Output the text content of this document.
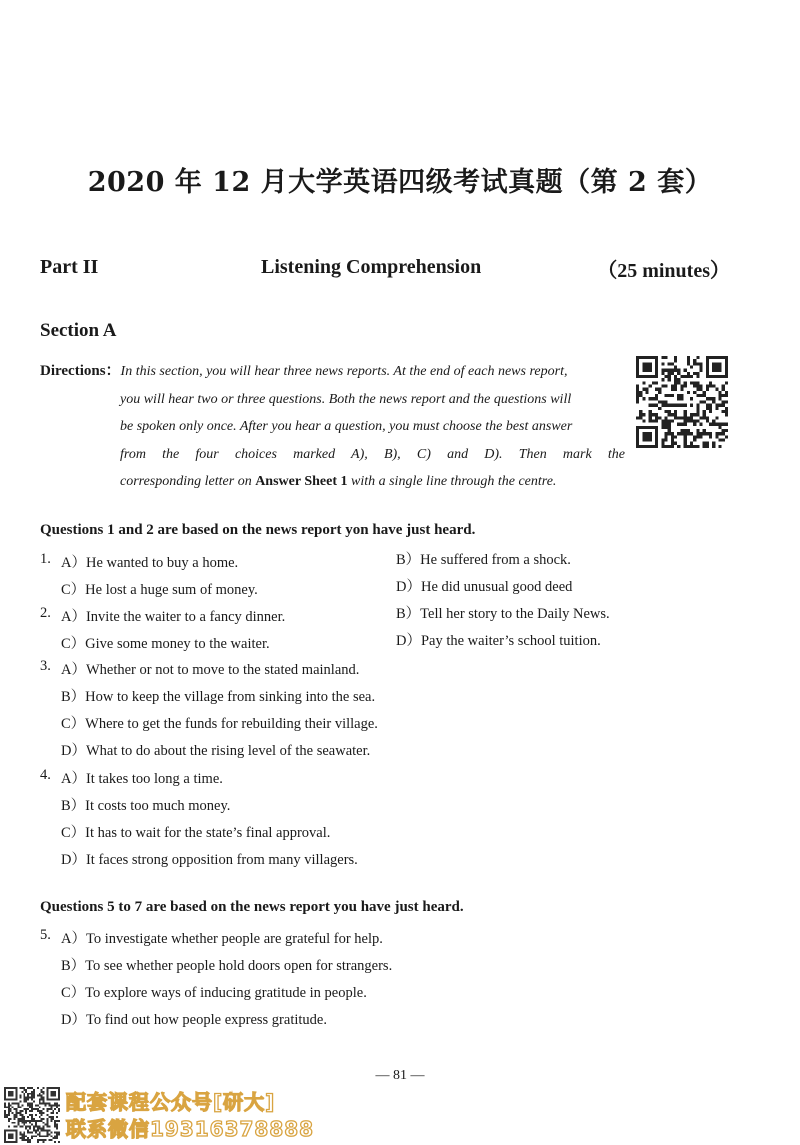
2020 年 12 月大学英语四级考试真题（第 2 套）
Part II	Listening Comprehension	（25 minutes）
Section A
Directions：In this section, you will hear three news reports. At the end of each news report,
you will hear two or three questions. Both the news report and the questions will
be spoken only once. After you hear a question, you must choose the best answer
from the four choices marked A), B), C) and D). Then mark the
corresponding letter on Answer Sheet 1 with a single line through the centre.
Questions 1 and 2 are based on the news report yon have just heard.
1. A）He wanted to buy a home.	B）He suffered from a shock.
C）He lost a huge sum of money.	D）He did unusual good deed
2. A）Invite the waiter to a fancy dinner.	B）Tell her story to the Daily News.
C）Give some money to the waiter.	D）Pay the waiter’s school tuition.
3. A）Whether or not to move to the stated mainland.
B）How to keep the village from sinking into the sea.
C）Where to get the funds for rebuilding their village.
D）What to do about the rising level of the seawater.
4. A）It takes too long a time.
B）It costs too much money.
C）It has to wait for the state’s final approval.
D）It faces strong opposition from many villagers.
Questions 5 to 7 are based on the news report you have just heard.
5. A）To investigate whether people are grateful for help.
B）To see whether people hold doors open for strangers.
C）To explore ways of inducing gratitude in people.
D）To find out how people express gratitude.
— 81 —
配套课程公众号[研大]
联系微信19316378888
